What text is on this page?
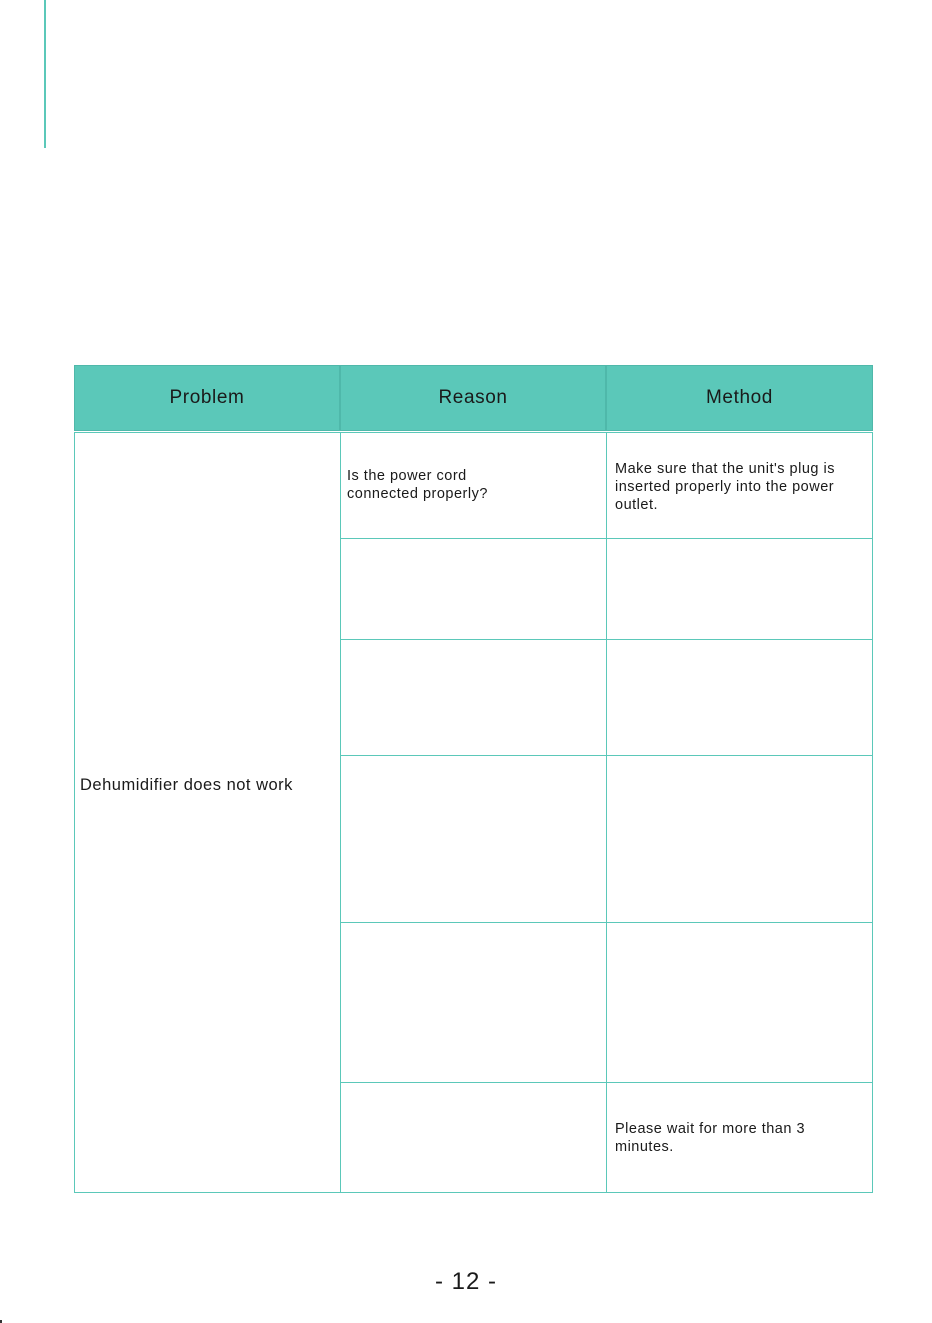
Problem	Reason	Method
Dehumidifier does not work
Is the power cord connected properly?
Make sure that the unit's plug is inserted properly into the power outlet.
Please wait for more than 3 minutes.
- 12 -
